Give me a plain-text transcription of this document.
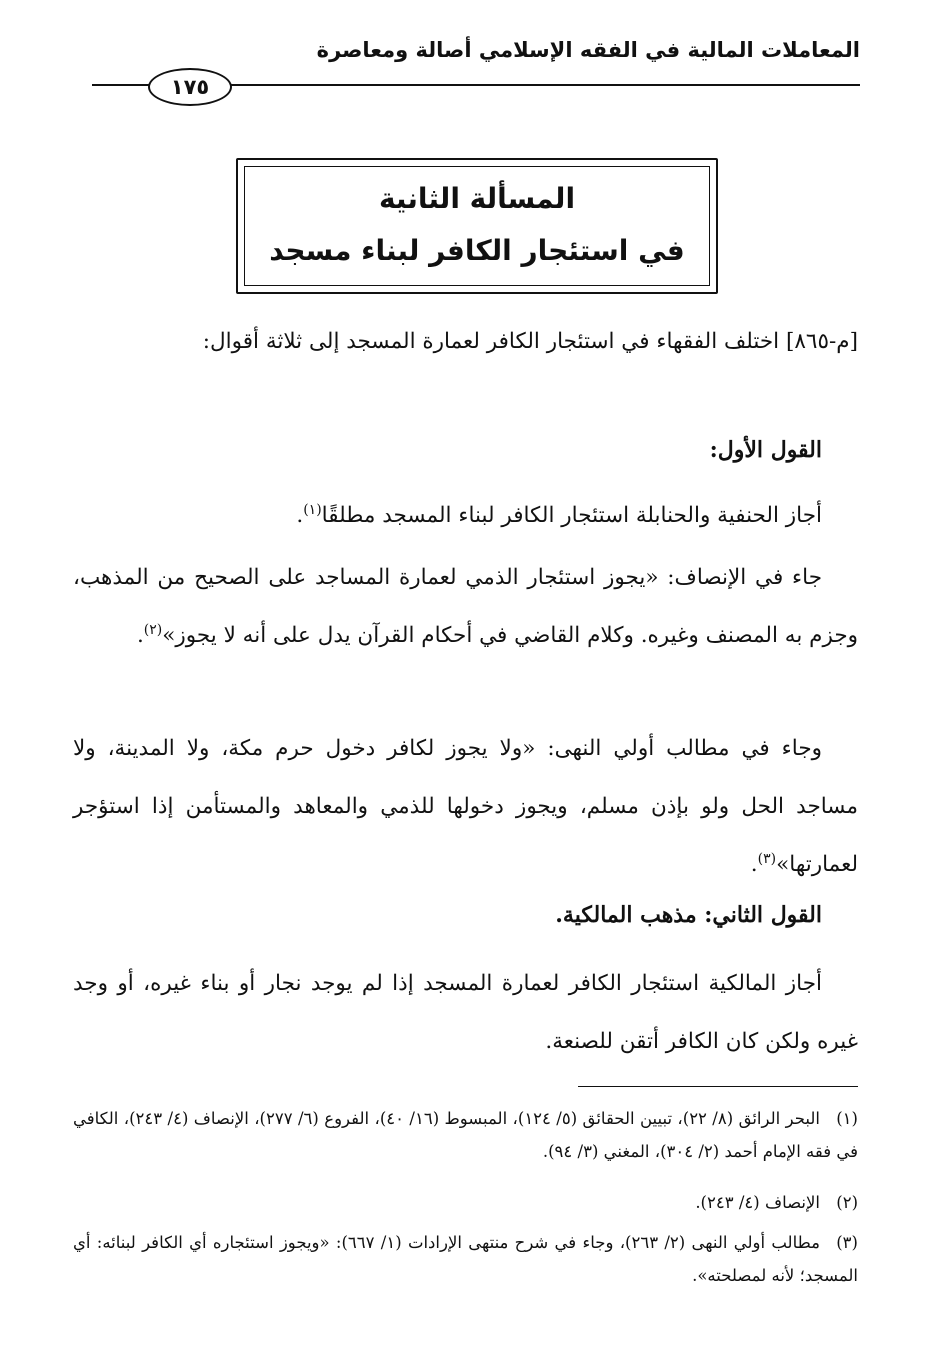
المعاملات المالية في الفقه الإسلامي أصالة ومعاصرة
١٧٥
المسألة الثانية
في استئجار الكافر لبناء مسجد
[م-٨٦٥] اختلف الفقهاء في استئجار الكافر لعمارة المسجد إلى ثلاثة أقوال:
القول الأول:
أجاز الحنفية والحنابلة استئجار الكافر لبناء المسجد مطلقًا$^{(١)}$.
جاء في الإنصاف: «يجوز استئجار الذمي لعمارة المساجد على الصحيح من المذهب، وجزم به المصنف وغيره. وكلام القاضي في أحكام القرآن يدل على أنه لا يجوز»$^{(٢)}$.
وجاء في مطالب أولي النهى: «ولا يجوز لكافر دخول حرم مكة، ولا المدينة، ولا مساجد الحل ولو بإذن مسلم، ويجوز دخولها للذمي والمعاهد والمستأمن إذا استؤجر لعمارتها»$^{(٣)}$.
القول الثاني: مذهب المالكية.
أجاز المالكية استئجار الكافر لعمارة المسجد إذا لم يوجد نجار أو بناء غيره، أو وجد غيره ولكن كان الكافر أتقن للصنعة.
(١)البحر الرائق (٨/ ٢٢)، تبيين الحقائق (٥/ ١٢٤)، المبسوط (١٦/ ٤٠)، الفروع (٦/ ٢٧٧)، الإنصاف (٤/ ٢٤٣)، الكافي في فقه الإمام أحمد (٢/ ٣٠٤)، المغني (٣/ ٩٤).
(٢)الإنصاف (٤/ ٢٤٣).
(٣)مطالب أولي النهى (٢/ ٢٦٣)، وجاء في شرح منتهى الإرادات (١/ ٦٦٧): «ويجوز استئجاره أي الكافر لبنائه: أي المسجد؛ لأنه لمصلحته».
